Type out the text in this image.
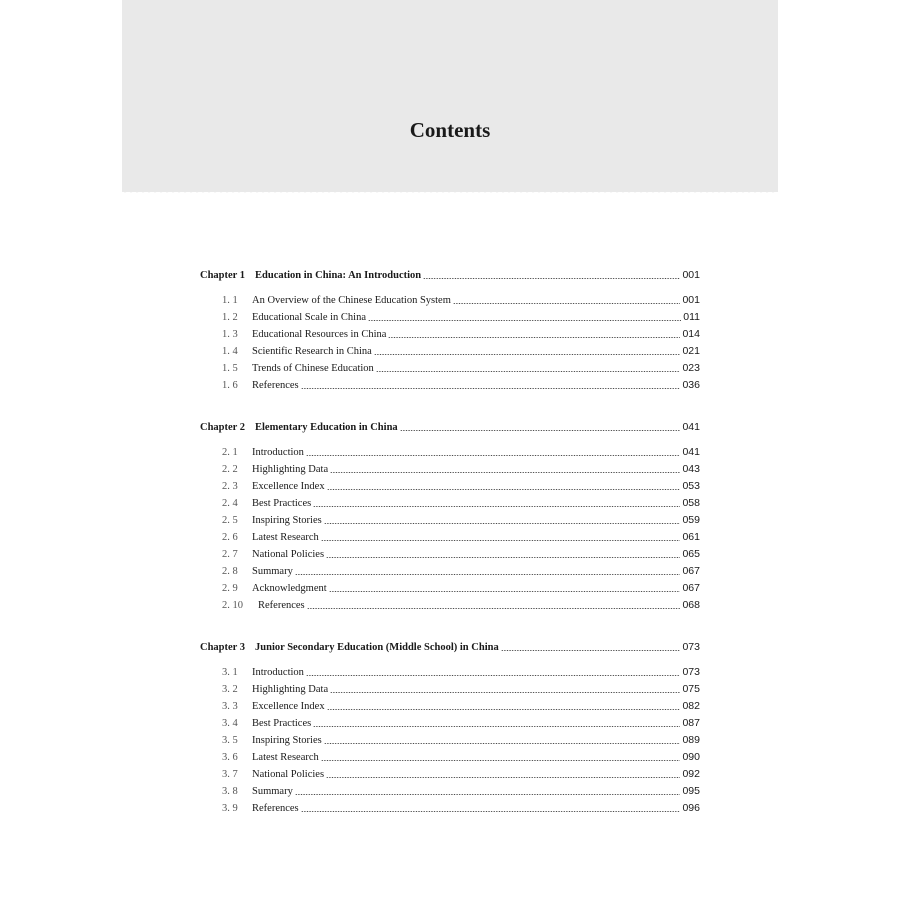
Contents
Chapter 1 Education in China: An Introduction	001
1. 1	An Overview of the Chinese Education System	001
1. 2	Educational Scale in China	011
1. 3	Educational Resources in China	014
1. 4	Scientific Research in China	021
1. 5	Trends of Chinese Education	023
1. 6	References	036
Chapter 2 Elementary Education in China	041
2. 1	Introduction	041
2. 2	Highlighting Data	043
2. 3	Excellence Index	053
2. 4	Best Practices	058
2. 5	Inspiring Stories	059
2. 6	Latest Research	061
2. 7	National Policies	065
2. 8	Summary	067
2. 9	Acknowledgment	067
2. 10	References	068
Chapter 3 Junior Secondary Education (Middle School) in China	073
3. 1	Introduction	073
3. 2	Highlighting Data	075
3. 3	Excellence Index	082
3. 4	Best Practices	087
3. 5	Inspiring Stories	089
3. 6	Latest Research	090
3. 7	National Policies	092
3. 8	Summary	095
3. 9	References	096
